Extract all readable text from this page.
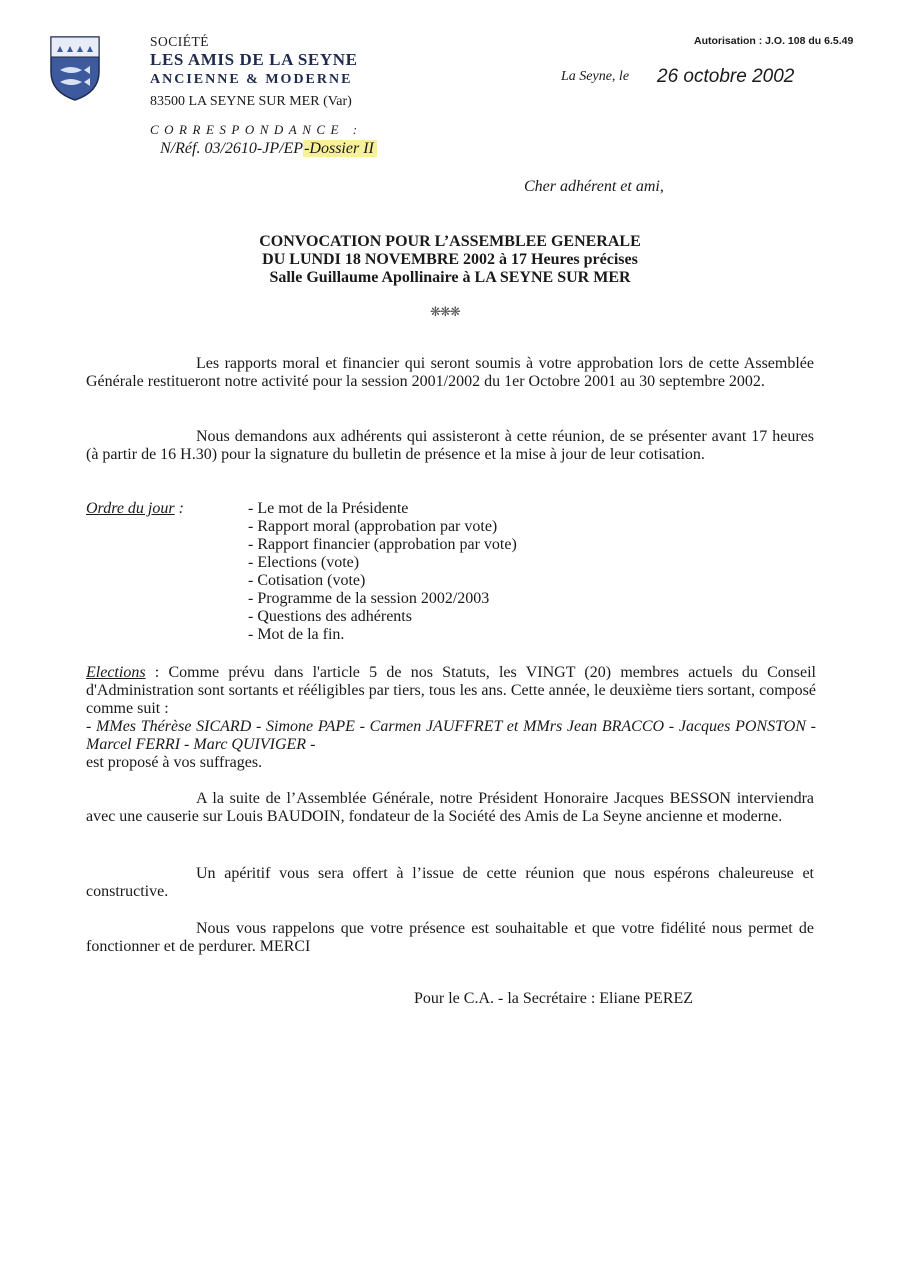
SOCIÉTÉ
LES AMIS DE LA SEYNE
ANCIENNE & MODERNE
83500 LA SEYNE SUR MER (Var)
CORRESPONDANCE :
N/Réf. 03/2610-JP/EP-Dossier II
Autorisation : J.O. 108 du 6.5.49
La Seyne, le 26 octobre 2002
Cher adhérent et ami,
CONVOCATION POUR L’ASSEMBLEE GENERALE
DU LUNDI 18 NOVEMBRE 2002 à 17 Heures précises
Salle Guillaume Apollinaire à LA SEYNE SUR MER
❋❋❋
Les rapports moral et financier qui seront soumis à votre approbation lors de cette Assemblée Générale restitueront notre activité pour la session 2001/2002 du 1er Octobre 2001 au 30 septembre 2002.
Nous demandons aux adhérents qui assisteront à cette réunion, de se présenter avant 17 heures (à partir de 16 H.30) pour la signature du bulletin de présence et la mise à jour de leur cotisation.
Ordre du jour :	- Le mot de la Présidente
- Rapport moral (approbation par vote)
- Rapport financier (approbation par vote)
- Elections (vote)
- Cotisation (vote)
- Programme de la session 2002/2003
- Questions des adhérents
- Mot de la fin.
Elections : Comme prévu dans l'article 5 de nos Statuts, les VINGT (20) membres actuels du Conseil d'Administration sont sortants et rééligibles par tiers, tous les ans. Cette année, le deuxième tiers sortant, composé comme suit :
- MMes Thérèse SICARD - Simone PAPE - Carmen JAUFFRET et MMrs Jean BRACCO - Jacques PONSTON - Marcel FERRI - Marc QUIVIGER -
est proposé à vos suffrages.
A la suite de l’Assemblée Générale, notre Président Honoraire Jacques BESSON interviendra avec une causerie sur Louis BAUDOIN, fondateur de la Société des Amis de La Seyne ancienne et moderne.
Un apéritif vous sera offert à l’issue de cette réunion que nous espérons chaleureuse et constructive.
Nous vous rappelons que votre présence est souhaitable et que votre fidélité nous permet de fonctionner et de perdurer. MERCI
Pour le C.A. - la Secrétaire : Eliane PEREZ
